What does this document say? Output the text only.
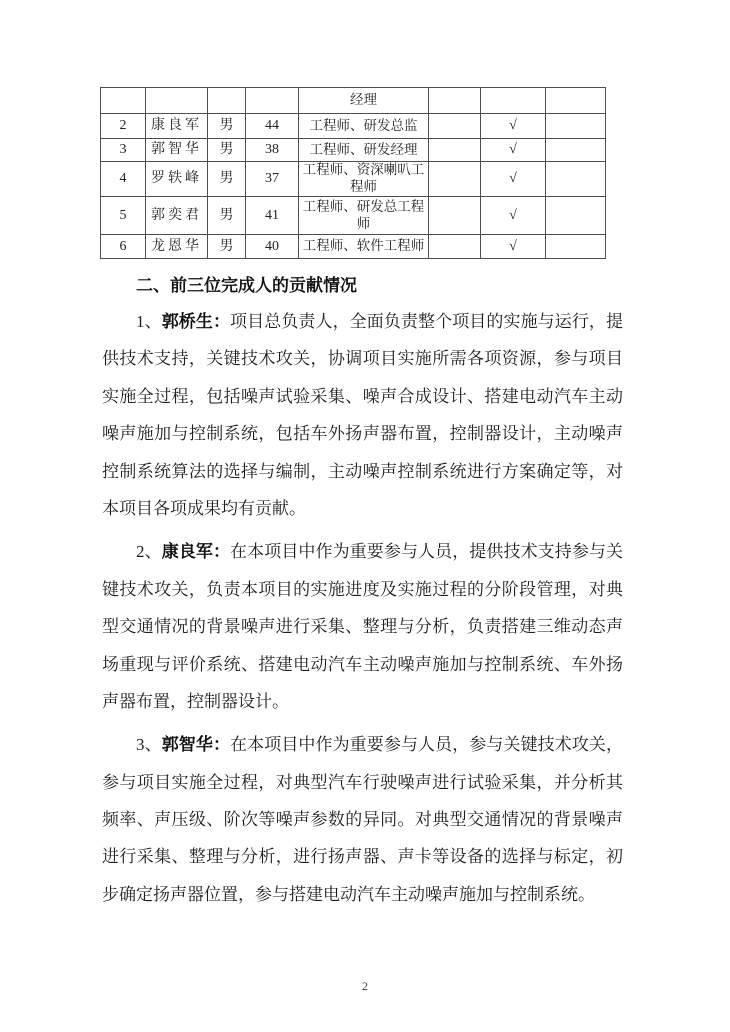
				经理			
2	康良军	男	44	工程师、研发总监		√	
3	郭智华	男	38	工程师、研发经理		√	
4	罗轶峰	男	37	工程师、资深喇叭工程师		√	
5	郭奕君	男	41	工程师、研发总工程师		√	
6	龙恩华	男	40	工程师、软件工程师		√	
二、前三位完成人的贡献情况

1、郭桥生：项目总负责人，全面负责整个项目的实施与运行，提供技术支持，关键技术攻关，协调项目实施所需各项资源，参与项目实施全过程，包括噪声试验采集、噪声合成设计、搭建电动汽车主动噪声施加与控制系统，包括车外扬声器布置，控制器设计，主动噪声控制系统算法的选择与编制，主动噪声控制系统进行方案确定等，对本项目各项成果均有贡献。

2、康良军：在本项目中作为重要参与人员，提供技术支持参与关键技术攻关，负责本项目的实施进度及实施过程的分阶段管理，对典型交通情况的背景噪声进行采集、整理与分析，负责搭建三维动态声场重现与评价系统、搭建电动汽车主动噪声施加与控制系统、车外扬声器布置，控制器设计。

3、郭智华：在本项目中作为重要参与人员，参与关键技术攻关，参与项目实施全过程，对典型汽车行驶噪声进行试验采集，并分析其频率、声压级、阶次等噪声参数的异同。对典型交通情况的背景噪声进行采集、整理与分析，进行扬声器、声卡等设备的选择与标定，初步确定扬声器位置，参与搭建电动汽车主动噪声施加与控制系统。

2
